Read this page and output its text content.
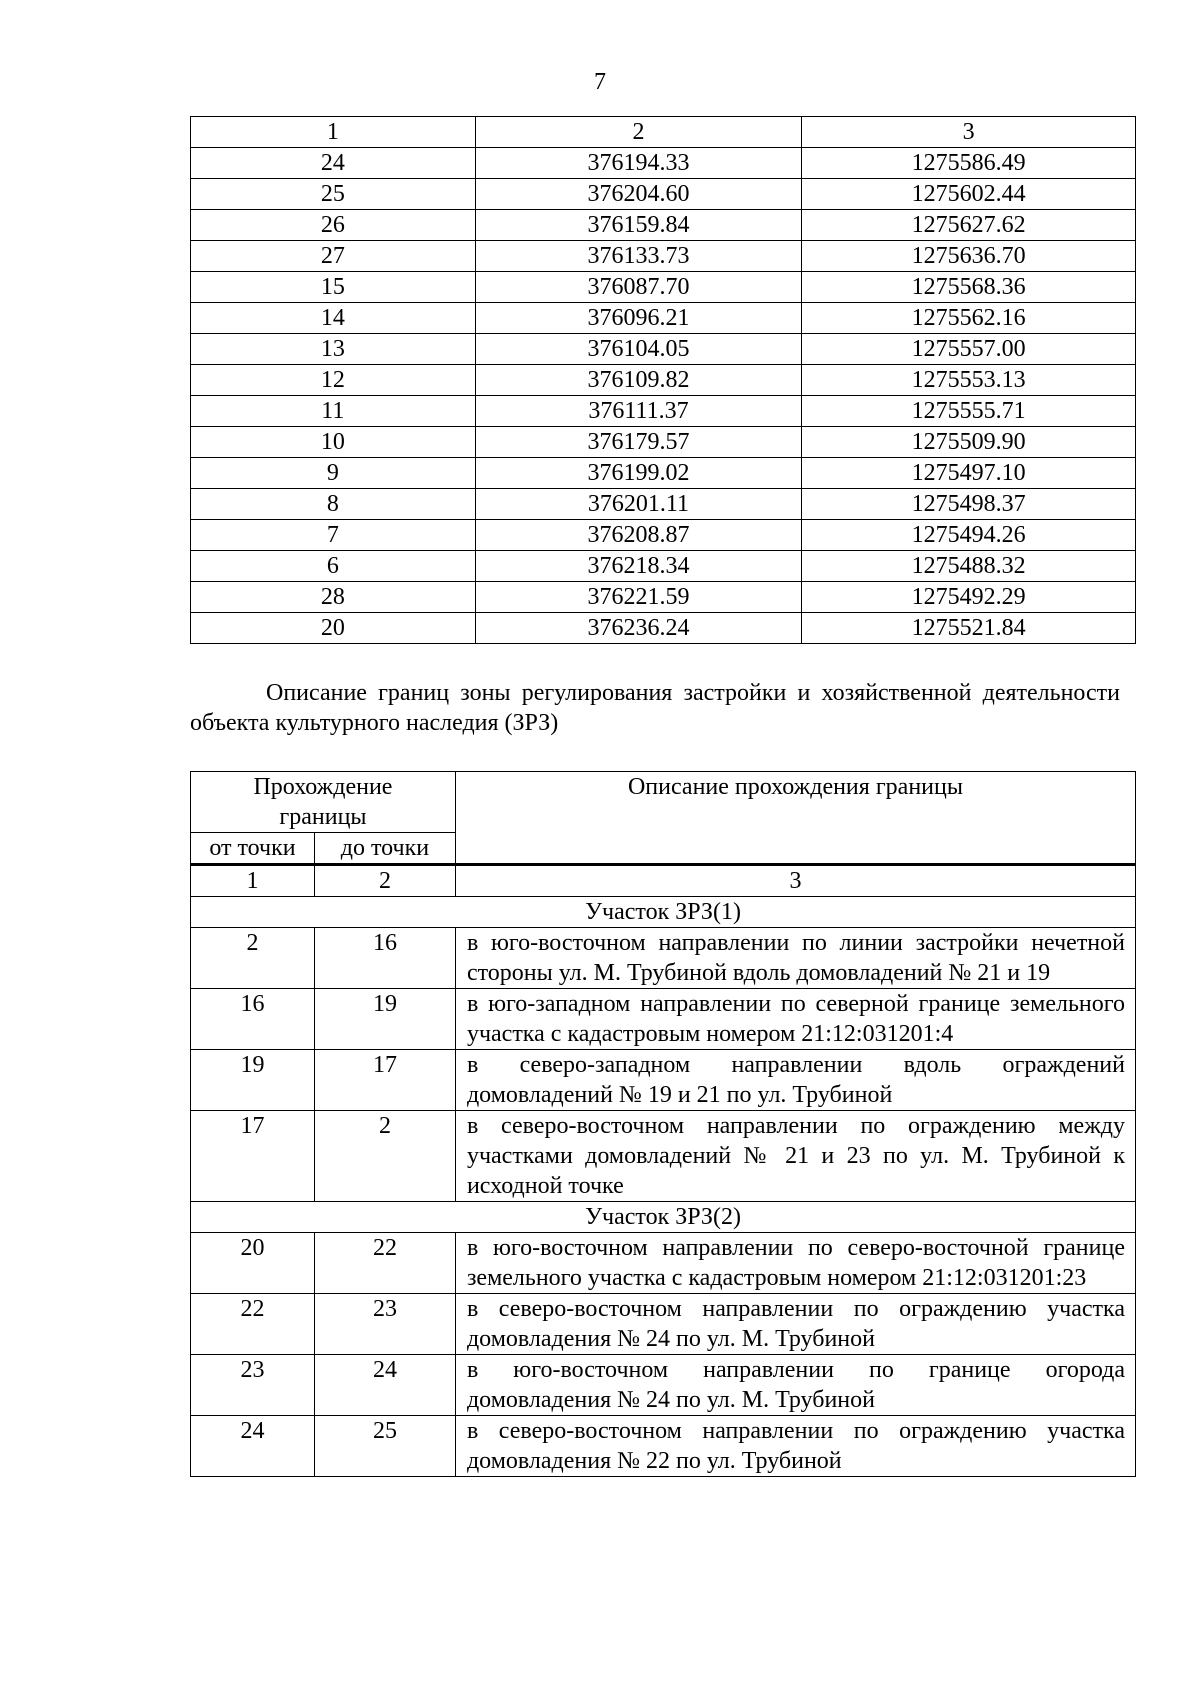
7
1	2	3
24	376194.33	1275586.49
25	376204.60	1275602.44
26	376159.84	1275627.62
27	376133.73	1275636.70
15	376087.70	1275568.36
14	376096.21	1275562.16
13	376104.05	1275557.00
12	376109.82	1275553.13
11	376111.37	1275555.71
10	376179.57	1275509.90
9	376199.02	1275497.10
8	376201.11	1275498.37
7	376208.87	1275494.26
6	376218.34	1275488.32
28	376221.59	1275492.29
20	376236.24	1275521.84

Описание границ зоны регулирования застройки и хозяйственной деятельности объекта культурного наследия (ЗРЗ)

Прохождение границы		Описание прохождения границы
от точки	до точки	
1	2	3
Участок ЗРЗ(1)		
2	16	в юго-восточном направлении по линии застройки нечетной стороны ул. М. Трубиной вдоль домовладений № 21 и 19
16	19	в юго-западном направлении по северной границе земельного участка с кадастровым номером 21:12:031201:4
19	17	в северо-западном направлении вдоль ограждений домовладений № 19 и 21 по ул. Трубиной
17	2	в северо-восточном направлении по ограждению между участками домовладений № 21 и 23 по ул. М. Трубиной к исходной точке
Участок ЗРЗ(2)		
20	22	в юго-восточном направлении по северо-восточной границе земельного участка с кадастровым номером 21:12:031201:23
22	23	в северо-восточном направлении по ограждению участка домовладения № 24 по ул. М. Трубиной
23	24	в юго-восточном направлении по границе огорода домовладения № 24 по ул. М. Трубиной
24	25	в северо-восточном направлении по ограждению участка домовладения № 22 по ул. Трубиной
